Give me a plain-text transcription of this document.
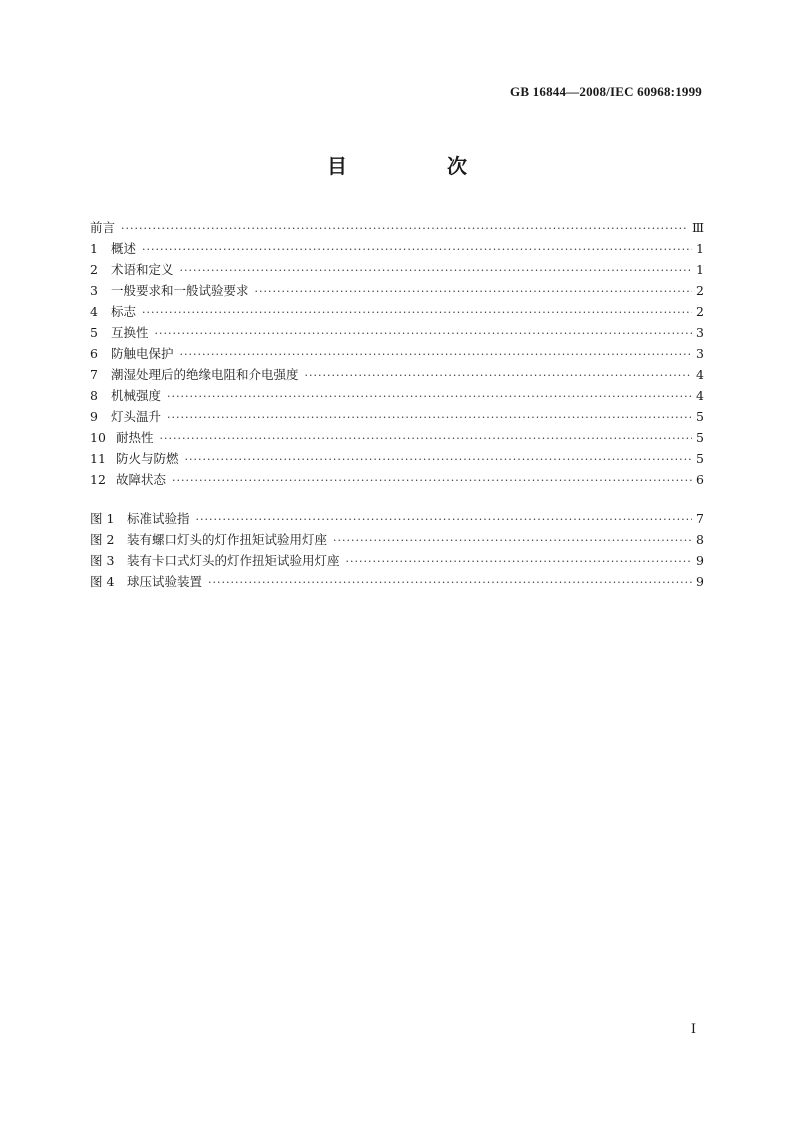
GB 16844—2008/IEC 60968:1999
目　次
前言 ·····	Ⅲ
1	概述 ·····	1
2	术语和定义 ·····	1
3	一般要求和一般试验要求 ·····	2
4	标志 ·····	2
5	互换性 ·····	3
6	防触电保护 ·····	3
7	潮湿处理后的绝缘电阻和介电强度 ·····	4
8	机械强度 ·····	4
9	灯头温升 ·····	5
10 耐热性 ·····	5
11 防火与防燃 ·····	5
12 故障状态 ·····	6
图 1	标准试验指 ·····	7
图 2	装有螺口灯头的灯作扭矩试验用灯座 ·····	8
图 3	装有卡口式灯头的灯作扭矩试验用灯座 ·····	9
图 4	球压试验装置 ·····	9
I
